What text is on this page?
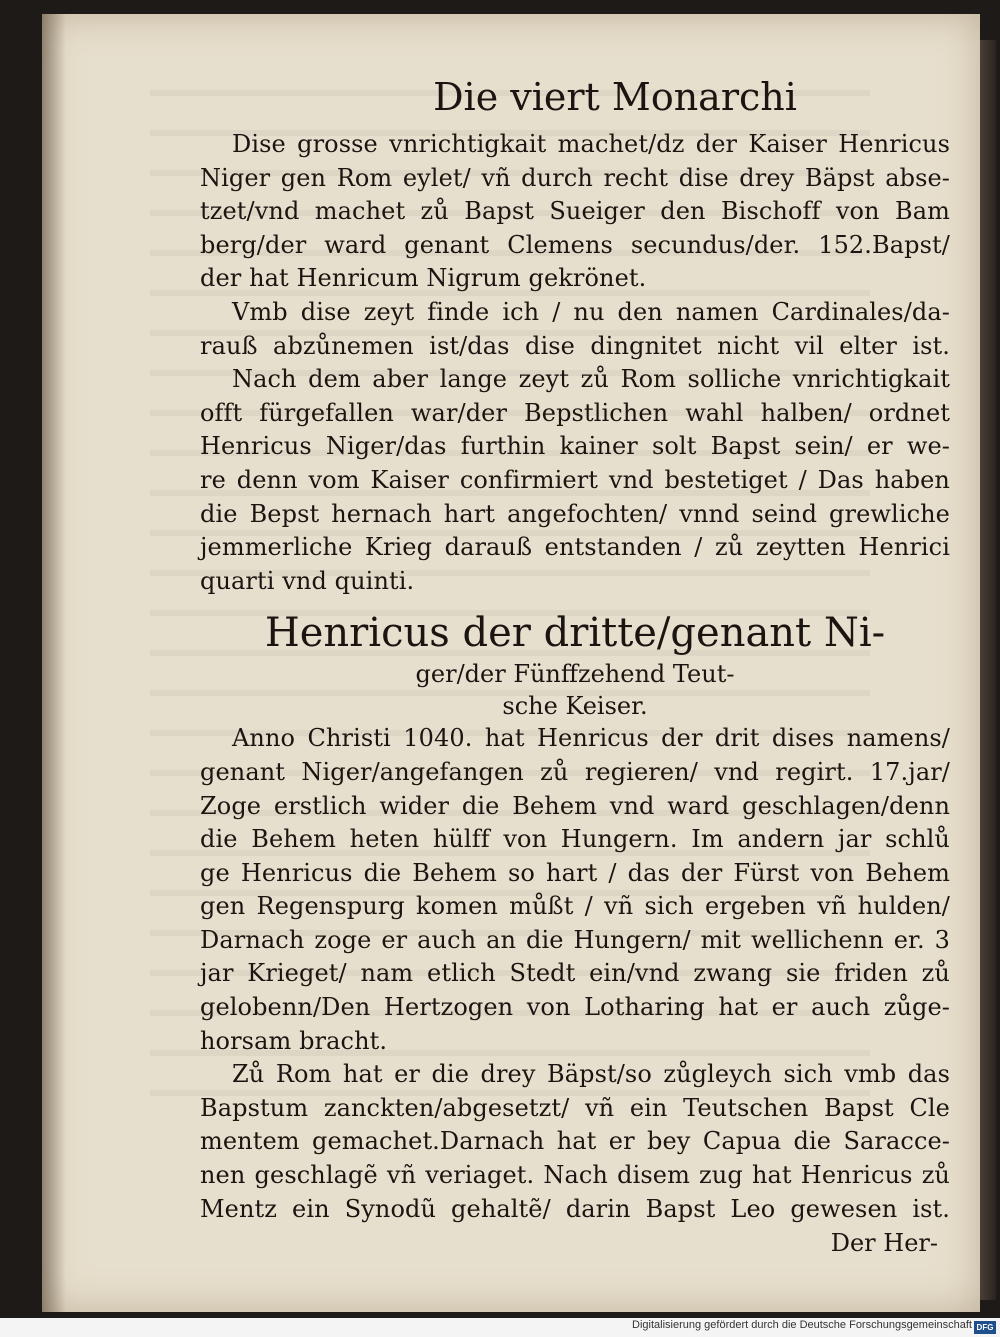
Die viert Monarchi

Dise grosse vnrichtigkait machet/dz der Kaiser Henricus

Niger gen Rom eylet/ vñ durch recht dise drey Bäpst abse-

tzet/vnd machet zů Bapst Sueiger den Bischoff von Bam

berg/der ward genant Clemens secundus/der. 152.Bapst/

der hat Henricum Nigrum gekrönet.

Vmb dise zeyt finde ich / nu den namen Cardinales/da-

rauß abzůnemen ist/das dise dingnitet nicht vil elter ist.

Nach dem aber lange zeyt zů Rom solliche vnrichtigkait

offt fürgefallen war/der Bepstlichen wahl halben/ ordnet

Henricus Niger/das furthin kainer solt Bapst sein/ er we-

re denn vom Kaiser confirmiert vnd bestetiget / Das haben

die Bepst hernach hart angefochten/ vnnd seind grewliche

jemmerliche Krieg darauß entstanden / zů zeytten Henrici

quarti vnd quinti.

Henricus der dritte/genant Ni-

ger/der Fünffzehend Teut-

sche Keiser.

Anno Christi 1040. hat Henricus der drit dises namens/

genant Niger/angefangen zů regieren/ vnd regirt. 17.jar/

Zoge erstlich wider die Behem vnd ward geschlagen/denn

die Behem heten hülff von Hungern. Im andern jar schlů

ge Henricus die Behem so hart / das der Fürst von Behem

gen Regenspurg komen můßt / vñ sich ergeben vñ hulden/

Darnach zoge er auch an die Hungern/ mit wellichenn er. 3

jar Krieget/ nam etlich Stedt ein/vnd zwang sie friden zů

gelobenn/Den Hertzogen von Lotharing hat er auch zůge-

horsam bracht.

Zů Rom hat er die drey Bäpst/so zůgleych sich vmb das

Bapstum zanckten/abgesetzt/ vñ ein Teutschen Bapst Cle

mentem gemachet.Darnach hat er bey Capua die Saracce-

nen geschlagẽ vñ veriaget. Nach disem zug hat Henricus zů

Mentz ein Synodũ gehaltẽ/ darin Bapst Leo gewesen ist.

Der Her-

Digitalisierung gefördert durch die Deutsche Forschungsgemeinschaft DFG
